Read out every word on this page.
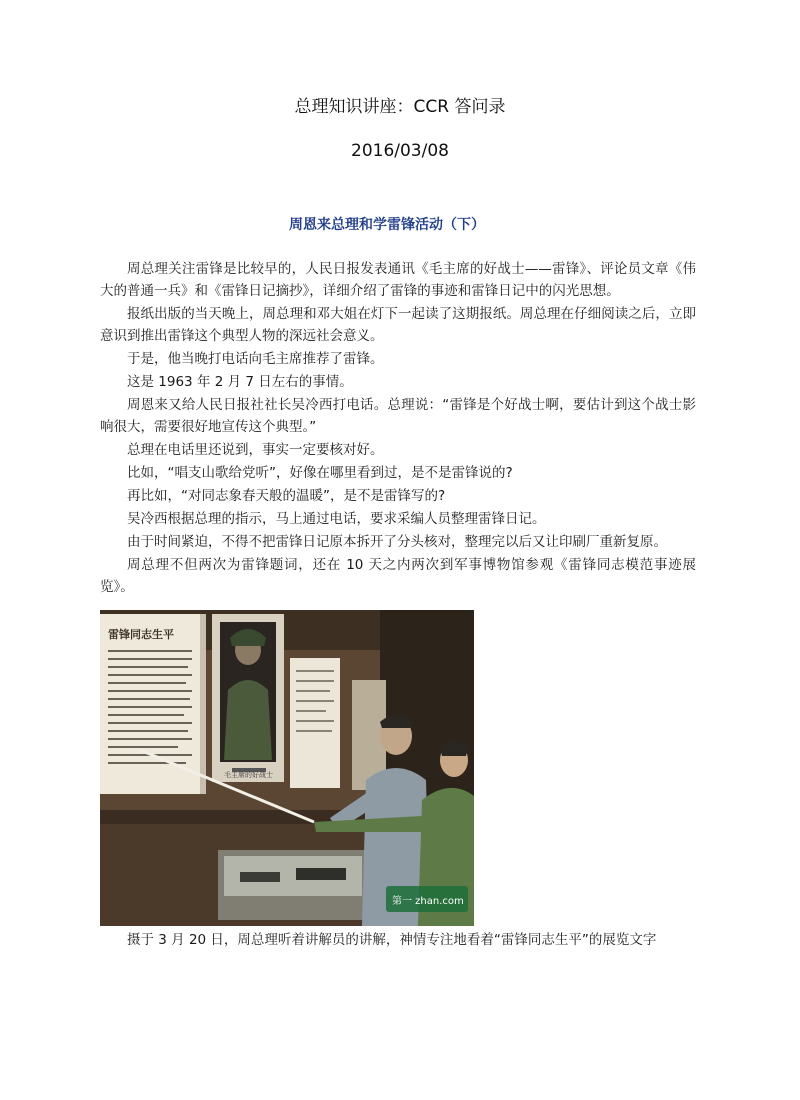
总理知识讲座：CCR 答问录
2016/03/08
周恩来总理和学雷锋活动（下）

周总理关注雷锋是比较早的，人民日报发表通讯《毛主席的好战士——雷锋》、评论员文章《伟大的普通一兵》和《雷锋日记摘抄》，详细介绍了雷锋的事迹和雷锋日记中的闪光思想。

报纸出版的当天晚上，周总理和邓大姐在灯下一起读了这期报纸。周总理在仔细阅读之后，立即意识到推出雷锋这个典型人物的深远社会意义。

于是，他当晚打电话向毛主席推荐了雷锋。

这是 1963 年 2 月 7 日左右的事情。

周恩来又给人民日报社社长吴冷西打电话。总理说：“雷锋是个好战士啊，要估计到这个战士影响很大，需要很好地宣传这个典型。”

总理在电话里还说到，事实一定要核对好。

比如，“唱支山歌给党听”，好像在哪里看到过，是不是雷锋说的?

再比如，“对同志象春天般的温暖”，是不是雷锋写的?

吴冷西根据总理的指示，马上通过电话，要求采编人员整理雷锋日记。

由于时间紧迫，不得不把雷锋日记原本拆开了分头核对，整理完以后又让印刷厂重新复原。

周总理不但两次为雷锋题词，还在 10 天之内两次到军事博物馆参观《雷锋同志模范事迹展览》。

雷锋同志生平
毛主席的好战士
第一 zhan.com

摄于 3 月 20 日，周总理听着讲解员的讲解，神情专注地看着“雷锋同志生平”的展览文字
